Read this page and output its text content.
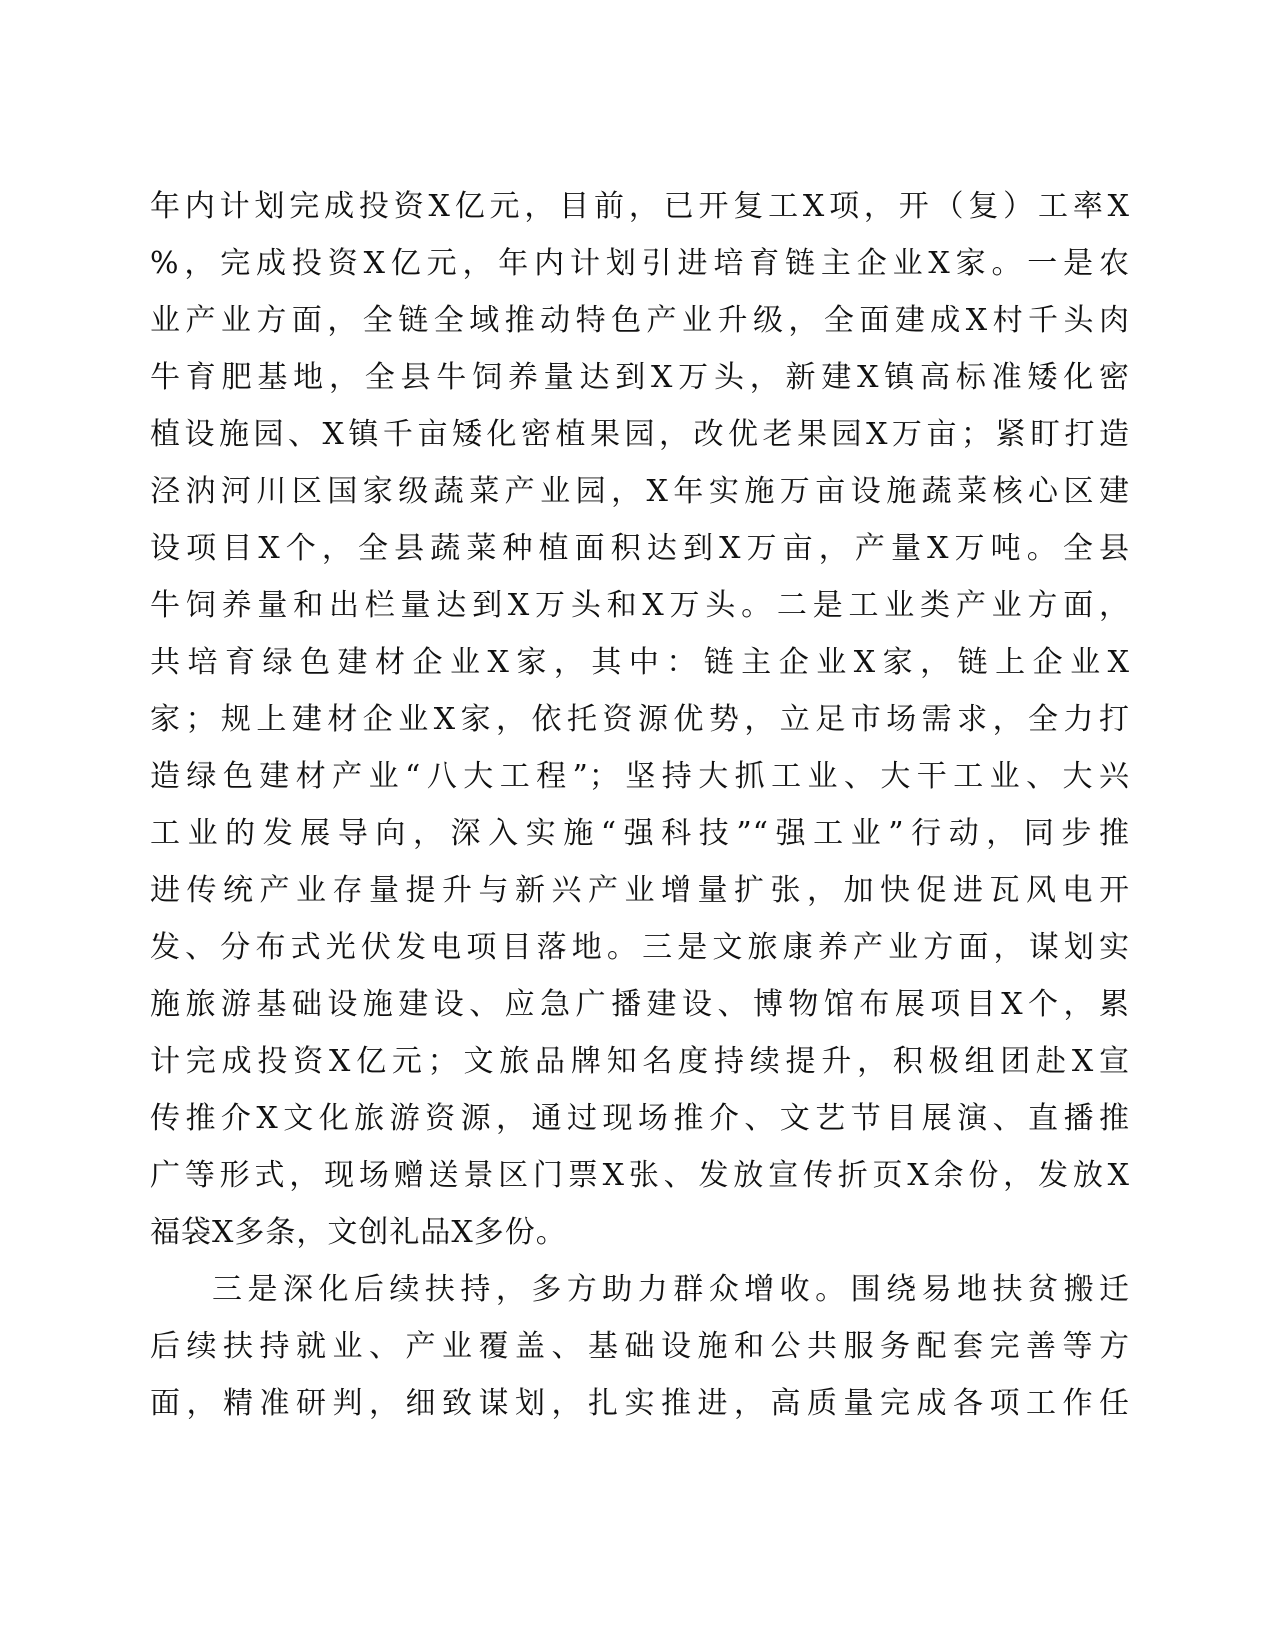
年内计划完成投资X亿元，目前，已开复工X项，开（复）工率X
%，完成投资X亿元，年内计划引进培育链主企业X家。一是农
业产业方面，全链全域推动特色产业升级，全面建成X村千头肉
牛育肥基地，全县牛饲养量达到X万头，新建X镇高标准矮化密
植设施园、X镇千亩矮化密植果园，改优老果园X万亩；紧盯打造
泾汭河川区国家级蔬菜产业园，X年实施万亩设施蔬菜核心区建
设项目X个，全县蔬菜种植面积达到X万亩，产量X万吨。全县
牛饲养量和出栏量达到X万头和X万头。二是工业类产业方面，
共培育绿色建材企业X家，其中：链主企业X家，链上企业X
家；规上建材企业X家，依托资源优势，立足市场需求，全力打
造绿色建材产业“八大工程”；坚持大抓工业、大干工业、大兴
工业的发展导向，深入实施“强科技”“强工业”行动，同步推
进传统产业存量提升与新兴产业增量扩张，加快促进瓦风电开
发、分布式光伏发电项目落地。三是文旅康养产业方面，谋划实
施旅游基础设施建设、应急广播建设、博物馆布展项目X个，累
计完成投资X亿元；文旅品牌知名度持续提升，积极组团赴X宣
传推介X文化旅游资源，通过现场推介、文艺节目展演、直播推
广等形式，现场赠送景区门票X张、发放宣传折页X余份，发放X
福袋X多条，文创礼品X多份。
三是深化后续扶持，多方助力群众增收。围绕易地扶贫搬迁
后续扶持就业、产业覆盖、基础设施和公共服务配套完善等方
面，精准研判，细致谋划，扎实推进，高质量完成各项工作任
